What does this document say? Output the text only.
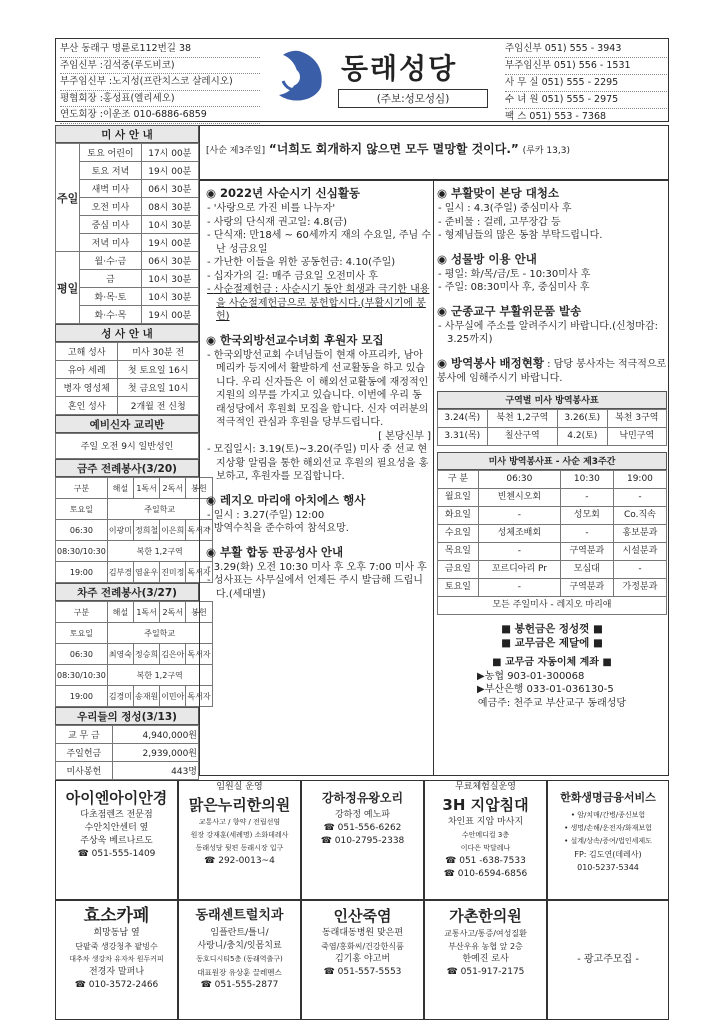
부산 동래구 명륜로112번길 38
주임신부 :김석중(루도비코)
부주임신부 :노지성(프란치스코 살레시오)
평협회장 :홍성표(엘리세오)
연도회장 :이운조 010-6886-6859
동래성당
(주보:성모성심)
주임신부 051) 555 - 3943
부주임신부 051) 556 - 1531
사 무 실 051) 555 - 2295
수 녀 원 051) 555 - 2975
팩 스 051) 553 - 7368
미 사 안 내
주일	토요 어린이	17시 00분
	토요 저녁	19시 00분
	새벽 미사	06시 30분
	오전 미사	08시 30분
	중심 미사	10시 30분
	저녁 미사	19시 00분
평일	월·수·금	06시 30분
	금	10시 30분
	화·목·토	10시 30분
	화·수·목	19시 00분
성 사 안 내
고해 성사	미사 30분 전
유아 세례	첫 토요일 16시
병자 영성체	첫 금요일 10시
혼인 성사	2개월 전 신청
예비신자 교리반
주일 오전 9시 일반성인
금주 전례봉사(3/20)
구분	해설	1독서	2독서	봉헌
토요일	주일학교			
06:30	이광미	정희철	이은희	독서자
08:30/10:30	복한 1,2구역			
19:00	김부경	염윤우	진미정	독서자
차주 전례봉사(3/27)
구분	해설	1독서	2독서	봉헌
토요일	주일학교			
06:30	최영숙	정승희	김은아	독서자
08:30/10:30	복한 1,2구역			
19:00	김경미	송재원	이민아	독서자
우리들의 정성(3/13)
교 무 금	4,940,000원
주일헌금	2,939,000원
미사봉헌	443명
[사순 제3주일] “너희도 회개하지 않으면 모두 멸망할 것이다.” (루카 13,3)
◉ 2022년 사순시기 신심활동
- '사랑으로 가진 비를 나누자'
- 사랑의 단식재 권고일: 4.8(금)
- 단식재: 만18세 ~ 60세까지 재의 수요일, 주님 수난 성금요일
- 가난한 이들을 위한 공동헌금: 4.10(주일)
- 십자가의 길: 매주 금요일 오전미사 후
- 사순절제헌금 : 사순시기 동안 희생과 극기한 내용을 사순절제헌금으로 봉헌합시다.(부활시기에 봉헌)
◉ 한국외방선교수녀회 후원자 모집
- 한국외방선교회 수녀님들이 현재 아프리카, 남아메리카 등지에서 활발하게 선교활동을 하고 있습니다. 우리 신자들은 이 해외선교활동에 재정적인 지원의 의무를 가지고 있습니다. 이번에 우리 동래성당에서 후원회 모집을 합니다. 신자 여러분의 적극적인 관심과 후원을 당부드립니다.
[ 본당신부 ]
- 모집일시: 3.19(토)~3.20(주일) 미사 중 선교 현지상황 알림을 통한 해외선교 후원의 필요성을 홍보하고, 후원자를 모집합니다.
◉ 레지오 마리애 아치에스 행사
- 일시 : 3.27(주일) 12:00
- 방역수칙을 준수하여 참석요망.
◉ 부활 합동 판공성사 안내
- 3.29(화) 오전 10:30 미사 후 오후 7:00 미사 후
- 성사표는 사무실에서 언제든 주시 발급해 드립니다.(세대별)
◉ 부활맞이 본당 대청소
- 일시 : 4.3(주일) 중심미사 후
- 준비물 : 걸레, 고무장갑 등
- 형제님들의 많은 동참 부탁드립니다.
◉ 성물방 이용 안내
- 평일: 화/목/금/토 - 10:30미사 후
- 주일: 08:30미사 후, 중심미사 후
◉ 군종교구 부활위문품 발송
- 사무실에 주소를 알려주시기 바랍니다.(신청마감: 3.25까지)
◉ 방역봉사 배정현황 : 담당 봉사자는 적극적으로 봉사에 임해주시기 바랍니다.
구역별 미사 방역봉사표
3.24(목)	북천 1,2구역	3.26(토)	복천 3구역
3.31(목)	칠산구역	4.2(토)	낙민구역
미사 방역봉사표 - 사순 제3주간
구 분	06:30	10:30	19:00
월요일	빈첸시오회	-	-
화요일	-	성모회	Co.직속
수요일	성체조배회	-	홍보분과
목요일	-	구역분과	시설분과
금요일	꼬르디아리 Pr	모심대	-
토요일	-	구역분과	가정분과
모든 주일미사 - 레지오 마리애			
■ 봉헌금은 정성껏 ■
■ 교무금은 제달에 ■
■ 교무금 자동이체 계좌 ■
▶농협 903-01-300068
▶부산은행 033-01-036130-5
예금주: 천주교 부산교구 동래성당
아이엔아이안경
다초점렌즈 전문점
수안치안센터 옆
주상욱 베르나르도
☎ 051-555-1409
임원실 운영
맑은누리한의원
교통사고 / 향약 / 전립선염
원장 강재훈(세례명) 소화데레사
동래성당 뒷편 동래시장 입구
☎ 292-0013~4
강하정유왕오리
강하정 예노파
☎ 051-556-6262
☎ 010-2795-2338
무료체험실운영
3H 지압침대
차인표 지압 마사지
수안메디컬 3층
이다은 막달레나
☎ 051 -638-7533
☎ 010-6594-6856
한화생명금융서비스
• 암/치매/간병/종신보험
• 생명/손해/운전자/화재보험
• 설계/상속/증여/법인세제도
FP: 김도연(데레사)
010-5237-5344
효소카페
희망동남 옆
단팥죽 생강청추 팥빙수
대추차 생강차 유자차 원두커피
전경자 말퍼나
☎ 010-3572-2466
동래센트럴치과
임플란트/틀니/
사랑니/충치/잇몸치료
동호디시티5층 (동래역출구)
대표원장 유상훈 끌레멘스
☎ 051-555-2877
인산죽염
동래대동병원 맞은편
죽염/홍화씨/건강한식품
김기홍 야고버
☎ 051-557-5553
가촌한의원
교통사고/통증/여성질환
부산우유 농협 앞 2층
한예진 로사
☎ 051-917-2175
- 광고주모집 -
